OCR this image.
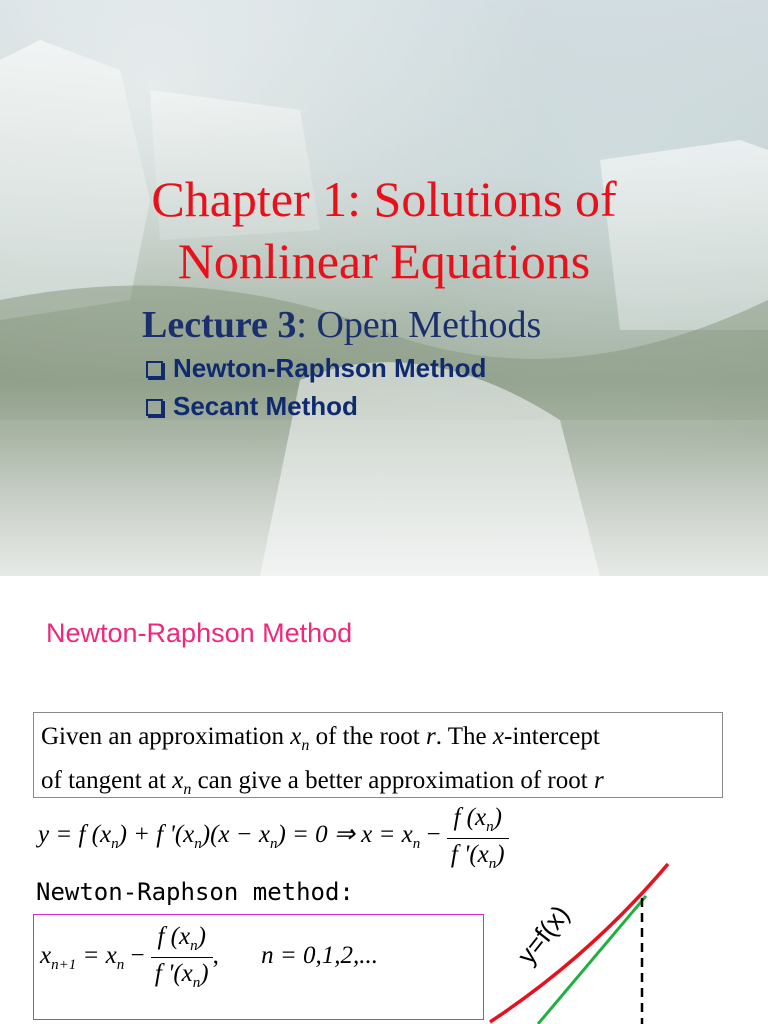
Chapter 1: Solutions of
Nonlinear Equations

Lecture 3: Open Methods

Newton-Raphson Method
Secant Method
Newton-Raphson Method
Given an approximation $x_n$ of the root r. The x-intercept
of tangent at $x_n$ can give a better approximation of root r
y = f $(x_n) + f$ '$(x_n)(x - x_n) = 0$ ⇒ $x = x_n - \frac{f (x_n)}{f '(x_n)}$
Newton-Raphson method:
$x_{n+1} = x_n - \frac{f (x_n)}{f '(x_n)}$ , n = 0,1,2,...	y=f(x)
